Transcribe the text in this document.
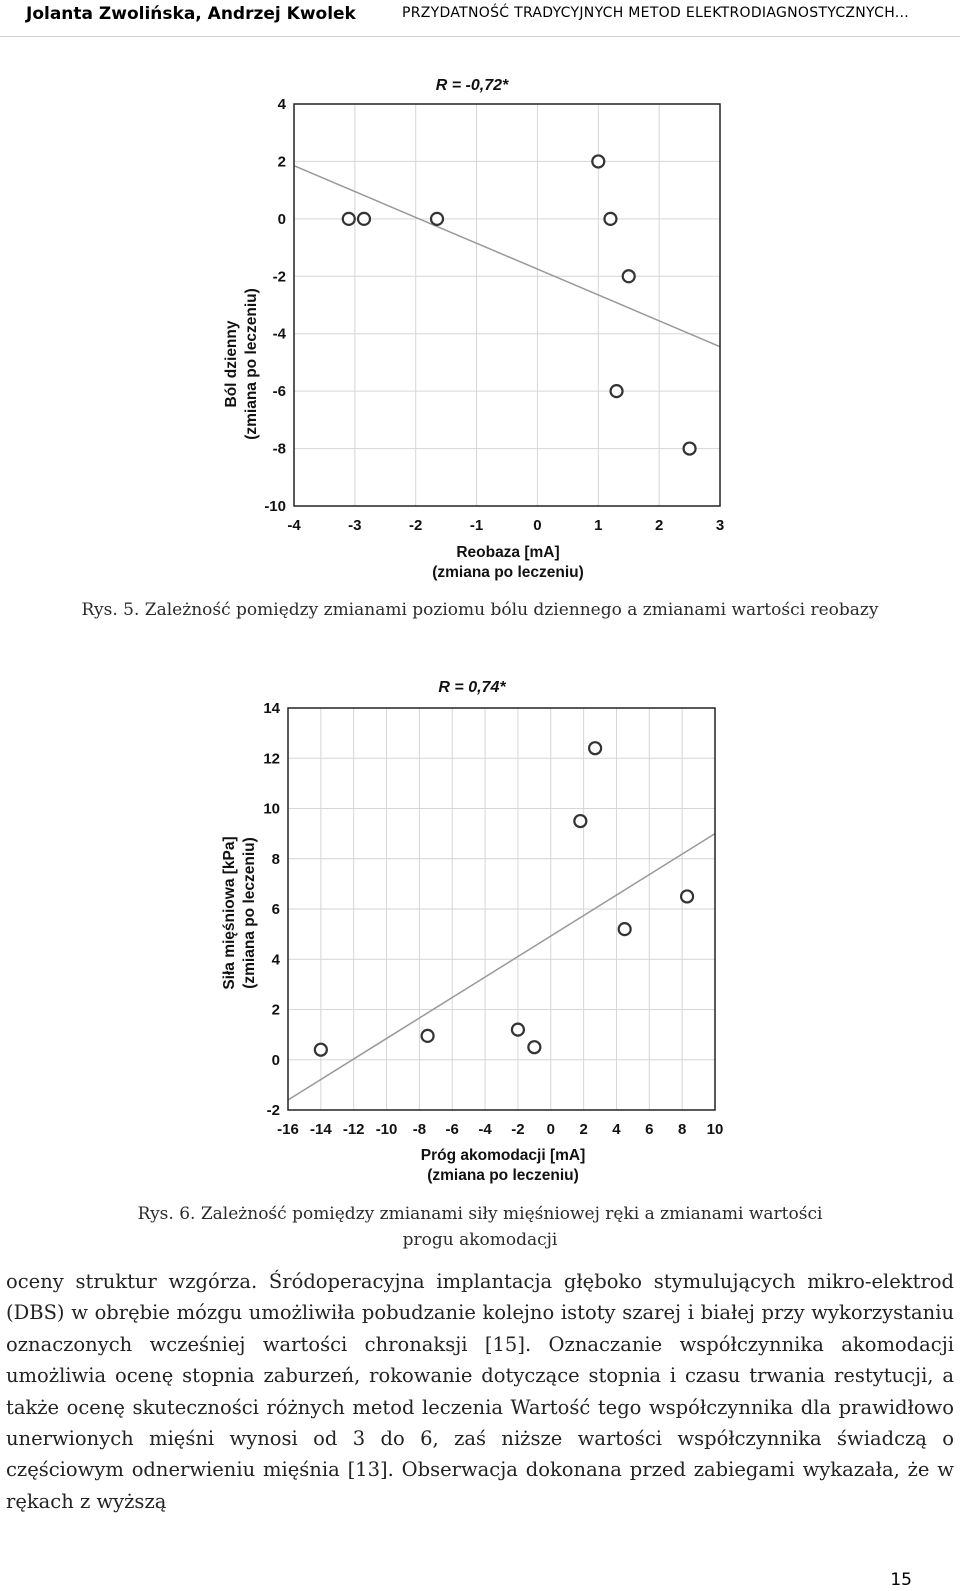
Jolanta Zwolińska, Andrzej Kwolek	PRZYDATNOŚĆ TRADYCYJNYCH METOD ELEKTRODIAGNOSTYCZNYCH...
R = -0,72*
-4	-3	-2	-1	0	1	2	3
4
2
0
-2
-4
-6
-8
-10
Reobaza [mA]
(zmiana po leczeniu)
Ból dzienny (zmiana po leczeniu)
Rys. 5. Zależność pomiędzy zmianami poziomu bólu dziennego a zmianami wartości reobazy
R = 0,74*
-16 -14 -12 -10 -8 -6 -4 -2 0 2 4 6 8 10
14
12
10
8
6
4
2
0
-2
Próg akomodacji [mA]
(zmiana po leczeniu)
Siła mięśniowa [kPa] (zmiana po leczeniu)
Rys. 6. Zależność pomiędzy zmianami siły mięśniowej ręki a zmianami wartości
progu akomodacji

oceny struktur wzgórza. Śródoperacyjna implantacja głęboko stymulujących mikro-elektrod (DBS) w obrębie mózgu umożliwiła pobudzanie kolejno istoty szarej i białej przy wykorzystaniu oznaczonych wcześniej wartości chronaksji [15]. Oznaczanie współczynnika akomodacji umożliwia ocenę stopnia zaburzeń, rokowanie dotyczące stopnia i czasu trwania restytucji, a także ocenę skuteczności różnych metod leczenia Wartość tego współczynnika dla prawidłowo unerwionych mięśni wynosi od 3 do 6, zaś niższe wartości współczynnika świadczą o częściowym odnerwieniu mięśnia [13]. Obserwacja dokonana przed zabiegami wykazała, że w rękach z wyższą

15
